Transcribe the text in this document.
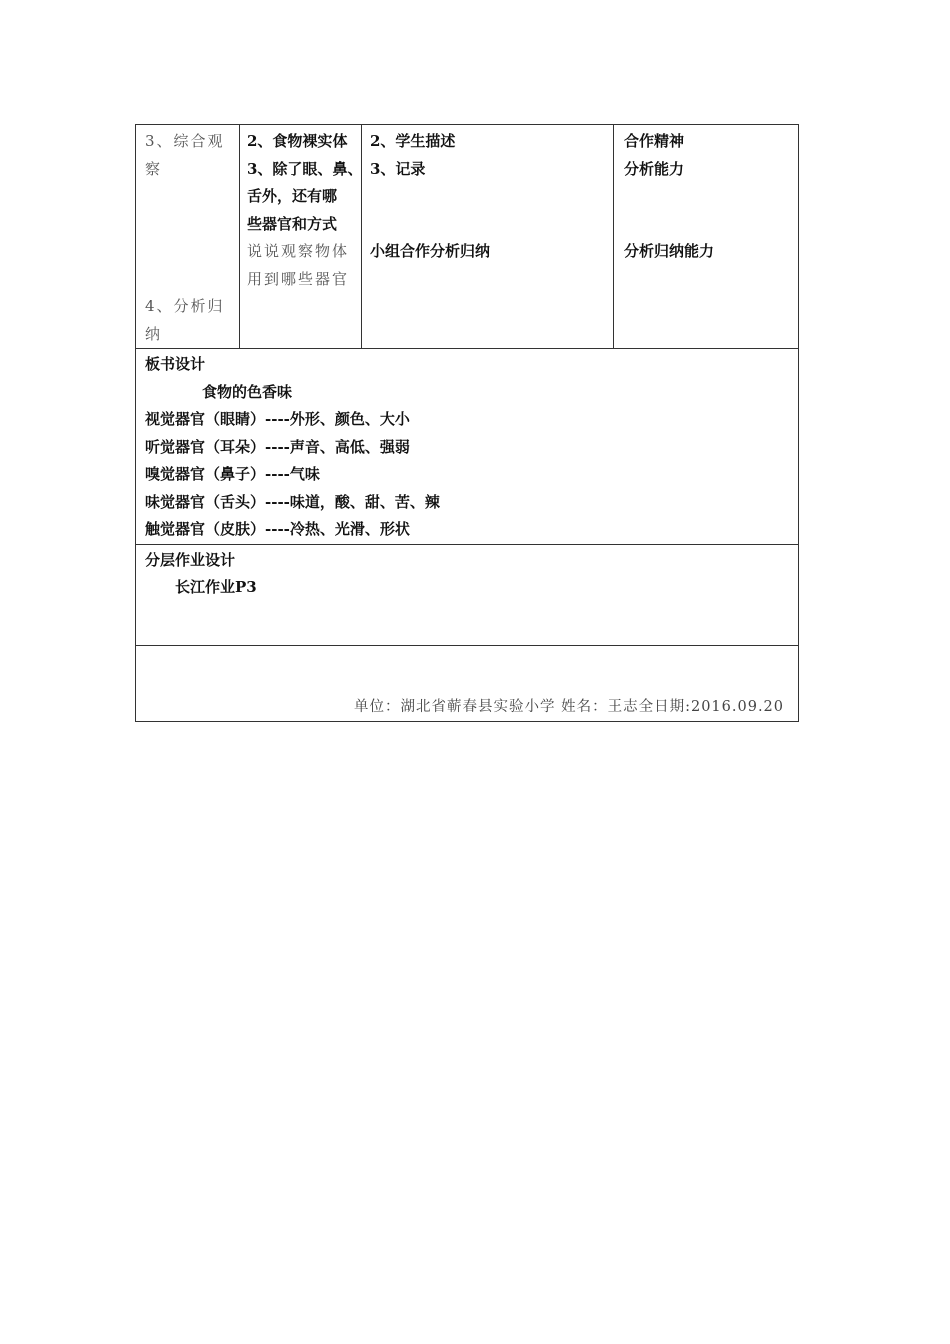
3、综合观
察
4、分析归
纳

2、食物裸实体
3、除了眼、鼻、
舌外，还有哪
些器官和方式
说说观察物体
用到哪些器官

2、学生描述
3、记录
小组合作分析归纳

合作精神
分析能力
分析归纳能力

板书设计
食物的色香味
视觉器官（眼睛）----外形、颜色、大小
听觉器官（耳朵）----声音、高低、强弱
嗅觉器官（鼻子）----气味
味觉器官（舌头）----味道，酸、甜、苦、辣
触觉器官（皮肤）----冷热、光滑、形状

分层作业设计
长江作业P3

单位：湖北省蕲春县实验小学 姓名：王志全日期:2016.09.20
